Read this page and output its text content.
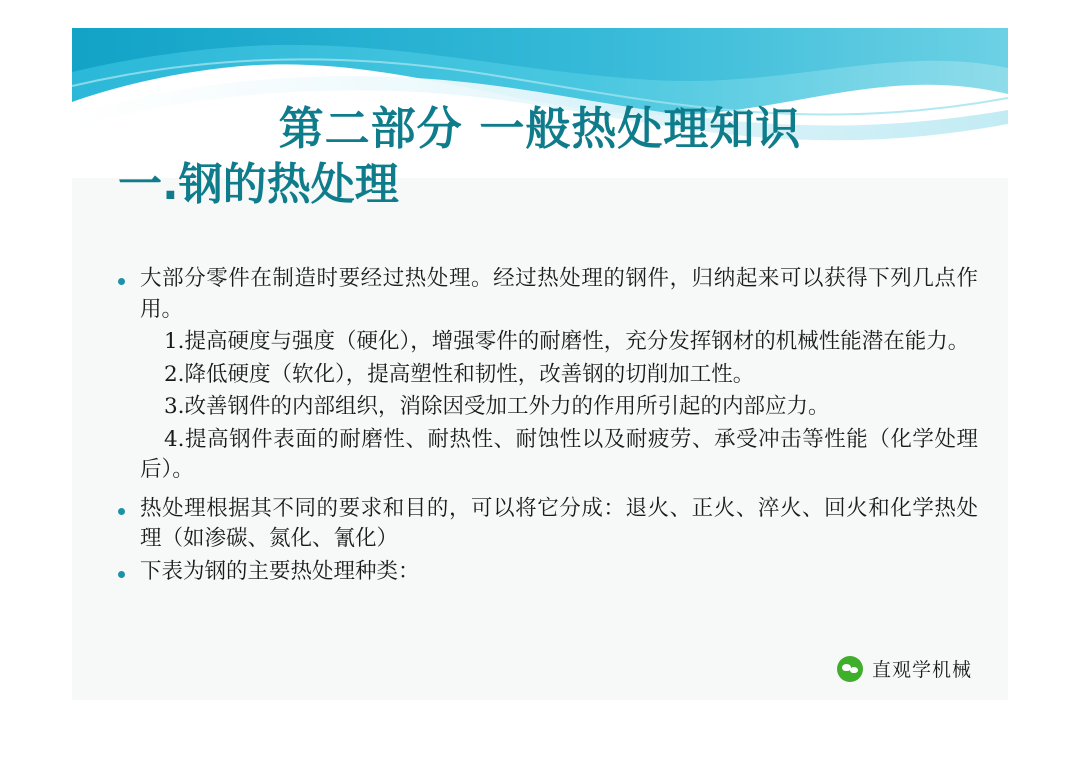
第二部分 一般热处理知识
一.钢的热处理
大部分零件在制造时要经过热处理。经过热处理的钢件，归纳起来可以获得下列几点作用。
1.提高硬度与强度（硬化），增强零件的耐磨性，充分发挥钢材的机械性能潜在能力。
2.降低硬度（软化），提高塑性和韧性，改善钢的切削加工性。
3.改善钢件的内部组织，消除因受加工外力的作用所引起的内部应力。
4.提高钢件表面的耐磨性、耐热性、耐蚀性以及耐疲劳、承受冲击等性能（化学处理后）。
热处理根据其不同的要求和目的，可以将它分成：退火、正火、淬火、回火和化学热处理（如渗碳、氮化、氰化）
下表为钢的主要热处理种类：
直观学机械
